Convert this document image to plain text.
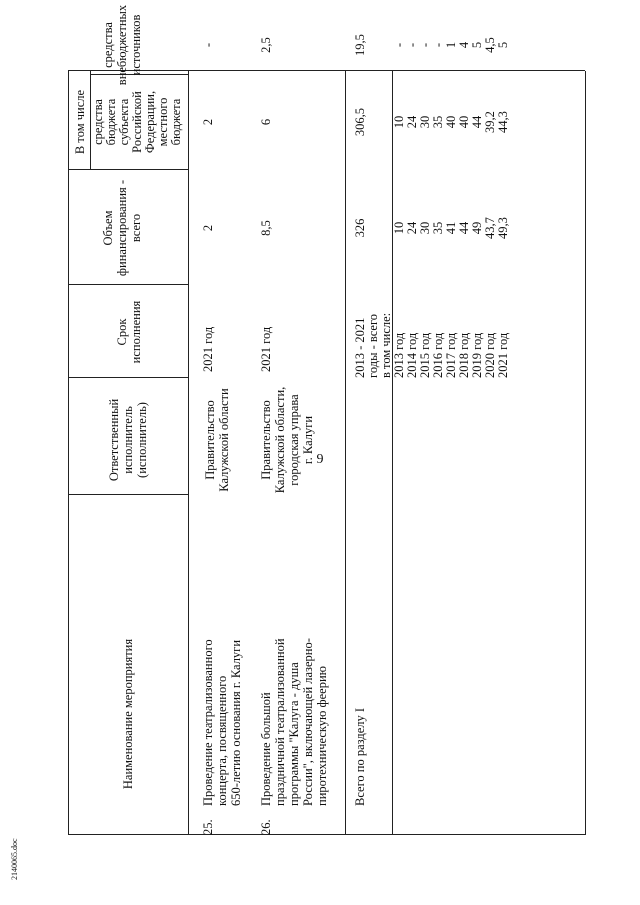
9
Наименование мероприятия
Ответственный исполнитель (исполнитель)
Срок исполнения
Объем финансирования - всего
В том числе средства бюджета субъекта Российской Федерации, местного бюджета
средства внебюджетных источников
25.
Проведение театрализованного концерта, посвященного 650-летию основания г. Калуги
Правительство Калужской области
2021 год
2
2
-
26.
Проведение большой праздничной театрализованной программы "Калуга - душа России", включающей лазерно- пиротехническую феерию
Правительство Калужской области, городская управа г. Калуги
2021 год
8,5
6
2,5
Всего по разделу I
2013 - 2021 годы - всего в том числе: 2013 год 2014 год 2015 год 2016 год 2017 год 2018 год 2019 год 2020 год 2021 год
326
306,5
19,5
10 24 30 35 41 44 49 43,7 49,3
10 24 30 35 40 40 44 39,2 44,3
- - - - 1 4 5 4,5 5
2140065.doc
